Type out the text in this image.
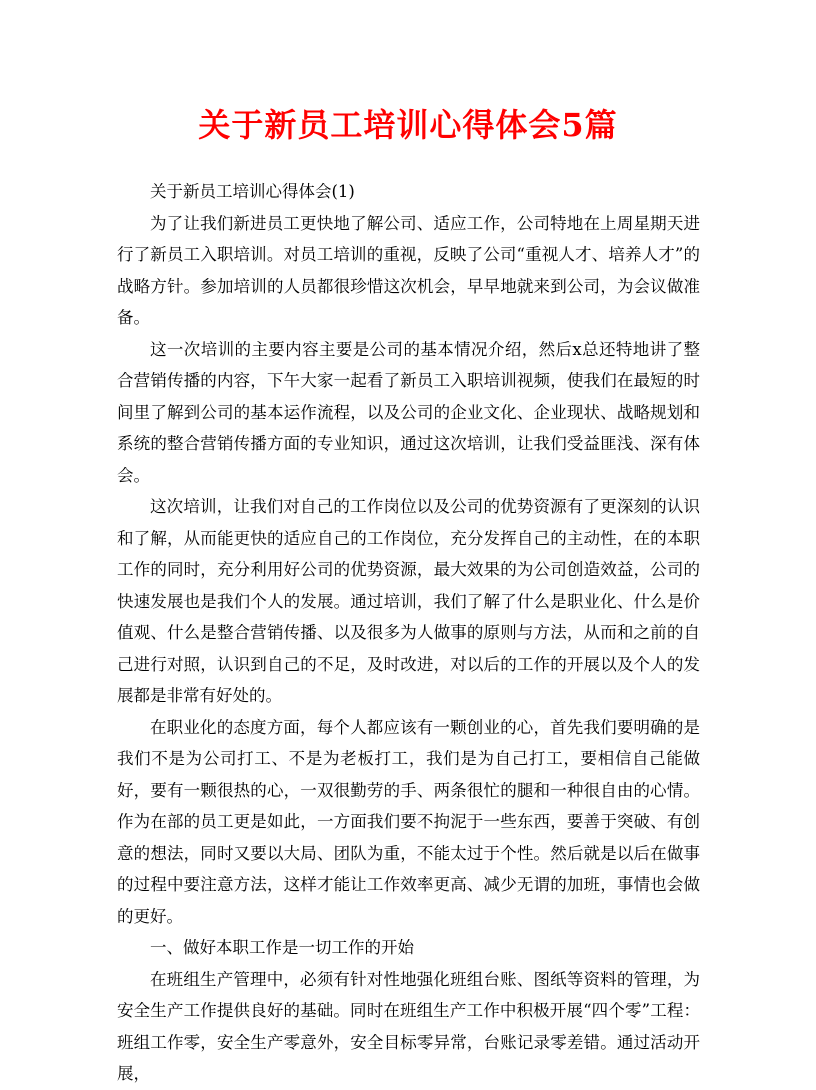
关于新员工培训心得体会5篇

关于新员工培训心得体会(1)

为了让我们新进员工更快地了解公司、适应工作，公司特地在上周星期天进行了新员工入职培训。对员工培训的重视，反映了公司“重视人才、培养人才”的战略方针。参加培训的人员都很珍惜这次机会，早早地就来到公司，为会议做准备。

这一次培训的主要内容主要是公司的基本情况介绍，然后x总还特地讲了整合营销传播的内容，下午大家一起看了新员工入职培训视频，使我们在最短的时间里了解到公司的基本运作流程，以及公司的企业文化、企业现状、战略规划和系统的整合营销传播方面的专业知识，通过这次培训，让我们受益匪浅、深有体会。

这次培训，让我们对自己的工作岗位以及公司的优势资源有了更深刻的认识和了解，从而能更快的适应自己的工作岗位，充分发挥自己的主动性，在的本职工作的同时，充分利用好公司的优势资源，最大效果的为公司创造效益，公司的快速发展也是我们个人的发展。通过培训，我们了解了什么是职业化、什么是价值观、什么是整合营销传播、以及很多为人做事的原则与方法，从而和之前的自己进行对照，认识到自己的不足，及时改进，对以后的工作的开展以及个人的发展都是非常有好处的。

在职业化的态度方面，每个人都应该有一颗创业的心，首先我们要明确的是我们不是为公司打工、不是为老板打工，我们是为自己打工，要相信自己能做好，要有一颗很热的心，一双很勤劳的手、两条很忙的腿和一种很自由的心情。作为在部的员工更是如此，一方面我们要不拘泥于一些东西，要善于突破、有创意的想法，同时又要以大局、团队为重，不能太过于个性。然后就是以后在做事的过程中要注意方法，这样才能让工作效率更高、减少无谓的加班，事情也会做的更好。

一、做好本职工作是一切工作的开始

在班组生产管理中，必须有针对性地强化班组台账、图纸等资料的管理，为安全生产工作提供良好的基础。同时在班组生产工作中积极开展“四个零”工程：班组工作零，安全生产零意外，安全目标零异常，台账记录零差错。通过活动开展，
